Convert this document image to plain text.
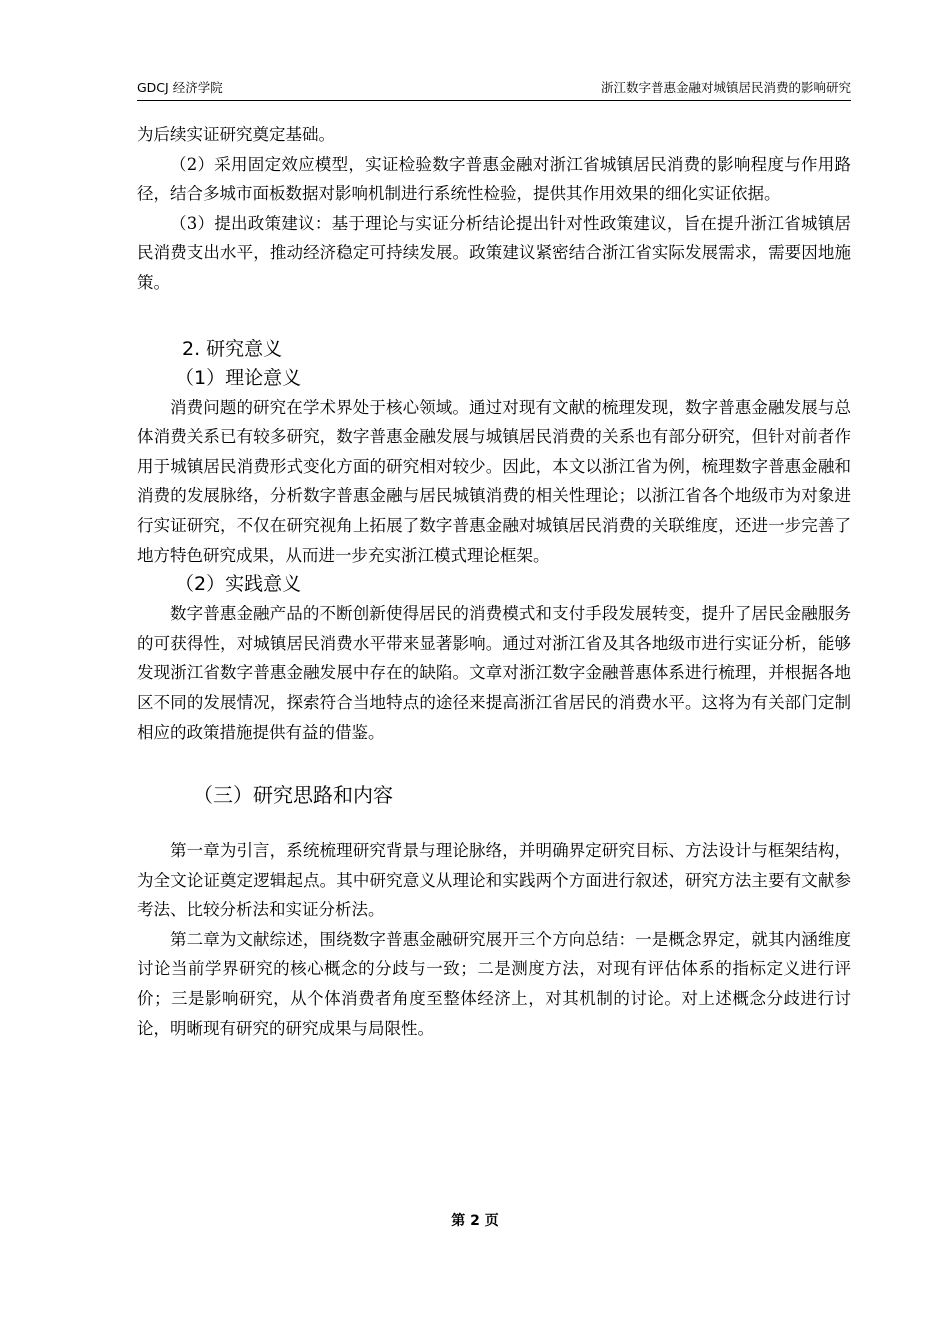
GDCJ 经济学院	浙江数字普惠金融对城镇居民消费的影响研究

为后续实证研究奠定基础。

（2）采用固定效应模型，实证检验数字普惠金融对浙江省城镇居民消费的影响程度与作用路径，结合多城市面板数据对影响机制进行系统性检验，提供其作用效果的细化实证依据。

（3）提出政策建议：基于理论与实证分析结论提出针对性政策建议，旨在提升浙江省城镇居民消费支出水平，推动经济稳定可持续发展。政策建议紧密结合浙江省实际发展需求，需要因地施策。

2. 研究意义

（1）理论意义

消费问题的研究在学术界处于核心领域。通过对现有文献的梳理发现，数字普惠金融发展与总体消费关系已有较多研究，数字普惠金融发展与城镇居民消费的关系也有部分研究，但针对前者作用于城镇居民消费形式变化方面的研究相对较少。因此，本文以浙江省为例，梳理数字普惠金融和消费的发展脉络，分析数字普惠金融与居民城镇消费的相关性理论；以浙江省各个地级市为对象进行实证研究，不仅在研究视角上拓展了数字普惠金融对城镇居民消费的关联维度，还进一步完善了地方特色研究成果，从而进一步充实浙江模式理论框架。

（2）实践意义

数字普惠金融产品的不断创新使得居民的消费模式和支付手段发展转变，提升了居民金融服务的可获得性，对城镇居民消费水平带来显著影响。通过对浙江省及其各地级市进行实证分析，能够发现浙江省数字普惠金融发展中存在的缺陷。文章对浙江数字金融普惠体系进行梳理，并根据各地区不同的发展情况，探索符合当地特点的途径来提高浙江省居民的消费水平。这将为有关部门定制相应的政策措施提供有益的借鉴。

（三）研究思路和内容

第一章为引言，系统梳理研究背景与理论脉络，并明确界定研究目标、方法设计与框架结构，为全文论证奠定逻辑起点。其中研究意义从理论和实践两个方面进行叙述，研究方法主要有文献参考法、比较分析法和实证分析法。

第二章为文献综述，围绕数字普惠金融研究展开三个方向总结：一是概念界定，就其内涵维度讨论当前学界研究的核心概念的分歧与一致；二是测度方法，对现有评估体系的指标定义进行评价；三是影响研究，从个体消费者角度至整体经济上，对其机制的讨论。对上述概念分歧进行讨论，明晰现有研究的研究成果与局限性。

第 2 页
